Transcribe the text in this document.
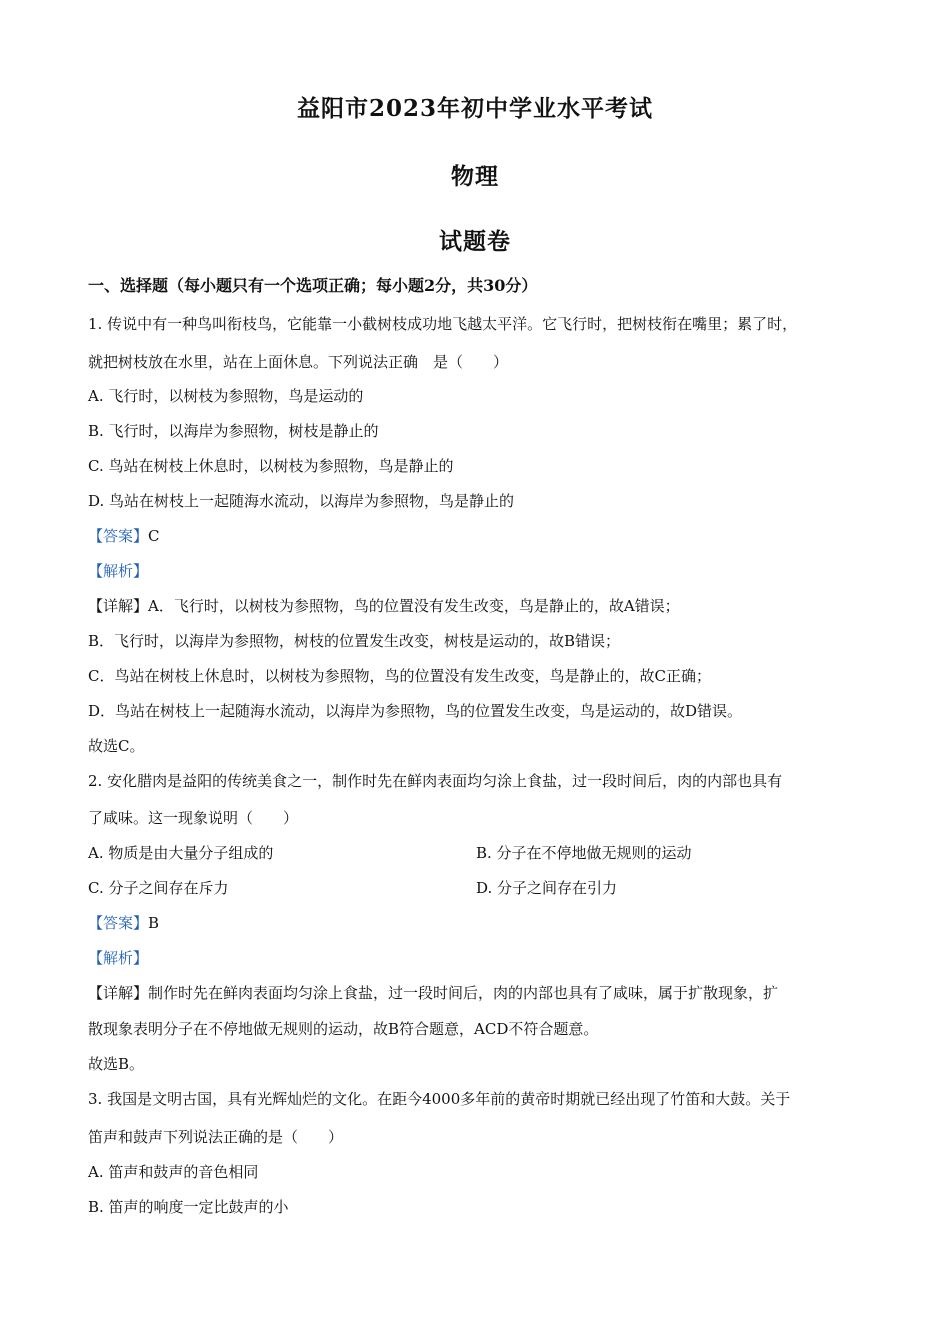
益阳市2023年初中学业水平考试
物理
试题卷
一、选择题（每小题只有一个选项正确；每小题2分，共30分）
1. 传说中有一种鸟叫衔枝鸟，它能靠一小截树枝成功地飞越太平洋。它飞行时，把树枝衔在嘴里；累了时，
就把树枝放在水里，站在上面休息。下列说法正确　是（　　）
A. 飞行时，以树枝为参照物，鸟是运动的
B. 飞行时，以海岸为参照物，树枝是静止的
C. 鸟站在树枝上休息时，以树枝为参照物，鸟是静止的
D. 鸟站在树枝上一起随海水流动，以海岸为参照物，鸟是静止的
【答案】C
【解析】
【详解】A．飞行时，以树枝为参照物，鸟的位置没有发生改变，鸟是静止的，故A错误；
B．飞行时，以海岸为参照物，树枝的位置发生改变，树枝是运动的，故B错误；
C．鸟站在树枝上休息时，以树枝为参照物，鸟的位置没有发生改变，鸟是静止的，故C正确；
D．鸟站在树枝上一起随海水流动，以海岸为参照物，鸟的位置发生改变，鸟是运动的，故D错误。
故选C。
2. 安化腊肉是益阳的传统美食之一，制作时先在鲜肉表面均匀涂上食盐，过一段时间后，肉的内部也具有
了咸味。这一现象说明（　　）
A. 物质是由大量分子组成的	B. 分子在不停地做无规则的运动
C. 分子之间存在斥力	D. 分子之间存在引力
【答案】B
【解析】
【详解】制作时先在鲜肉表面均匀涂上食盐，过一段时间后，肉的内部也具有了咸味，属于扩散现象，扩
散现象表明分子在不停地做无规则的运动，故B符合题意，ACD不符合题意。
故选B。
3. 我国是文明古国，具有光辉灿烂的文化。在距今4000多年前的黄帝时期就已经出现了竹笛和大鼓。关于
笛声和鼓声下列说法正确的是（　　）
A. 笛声和鼓声的音色相同
B. 笛声的响度一定比鼓声的小
